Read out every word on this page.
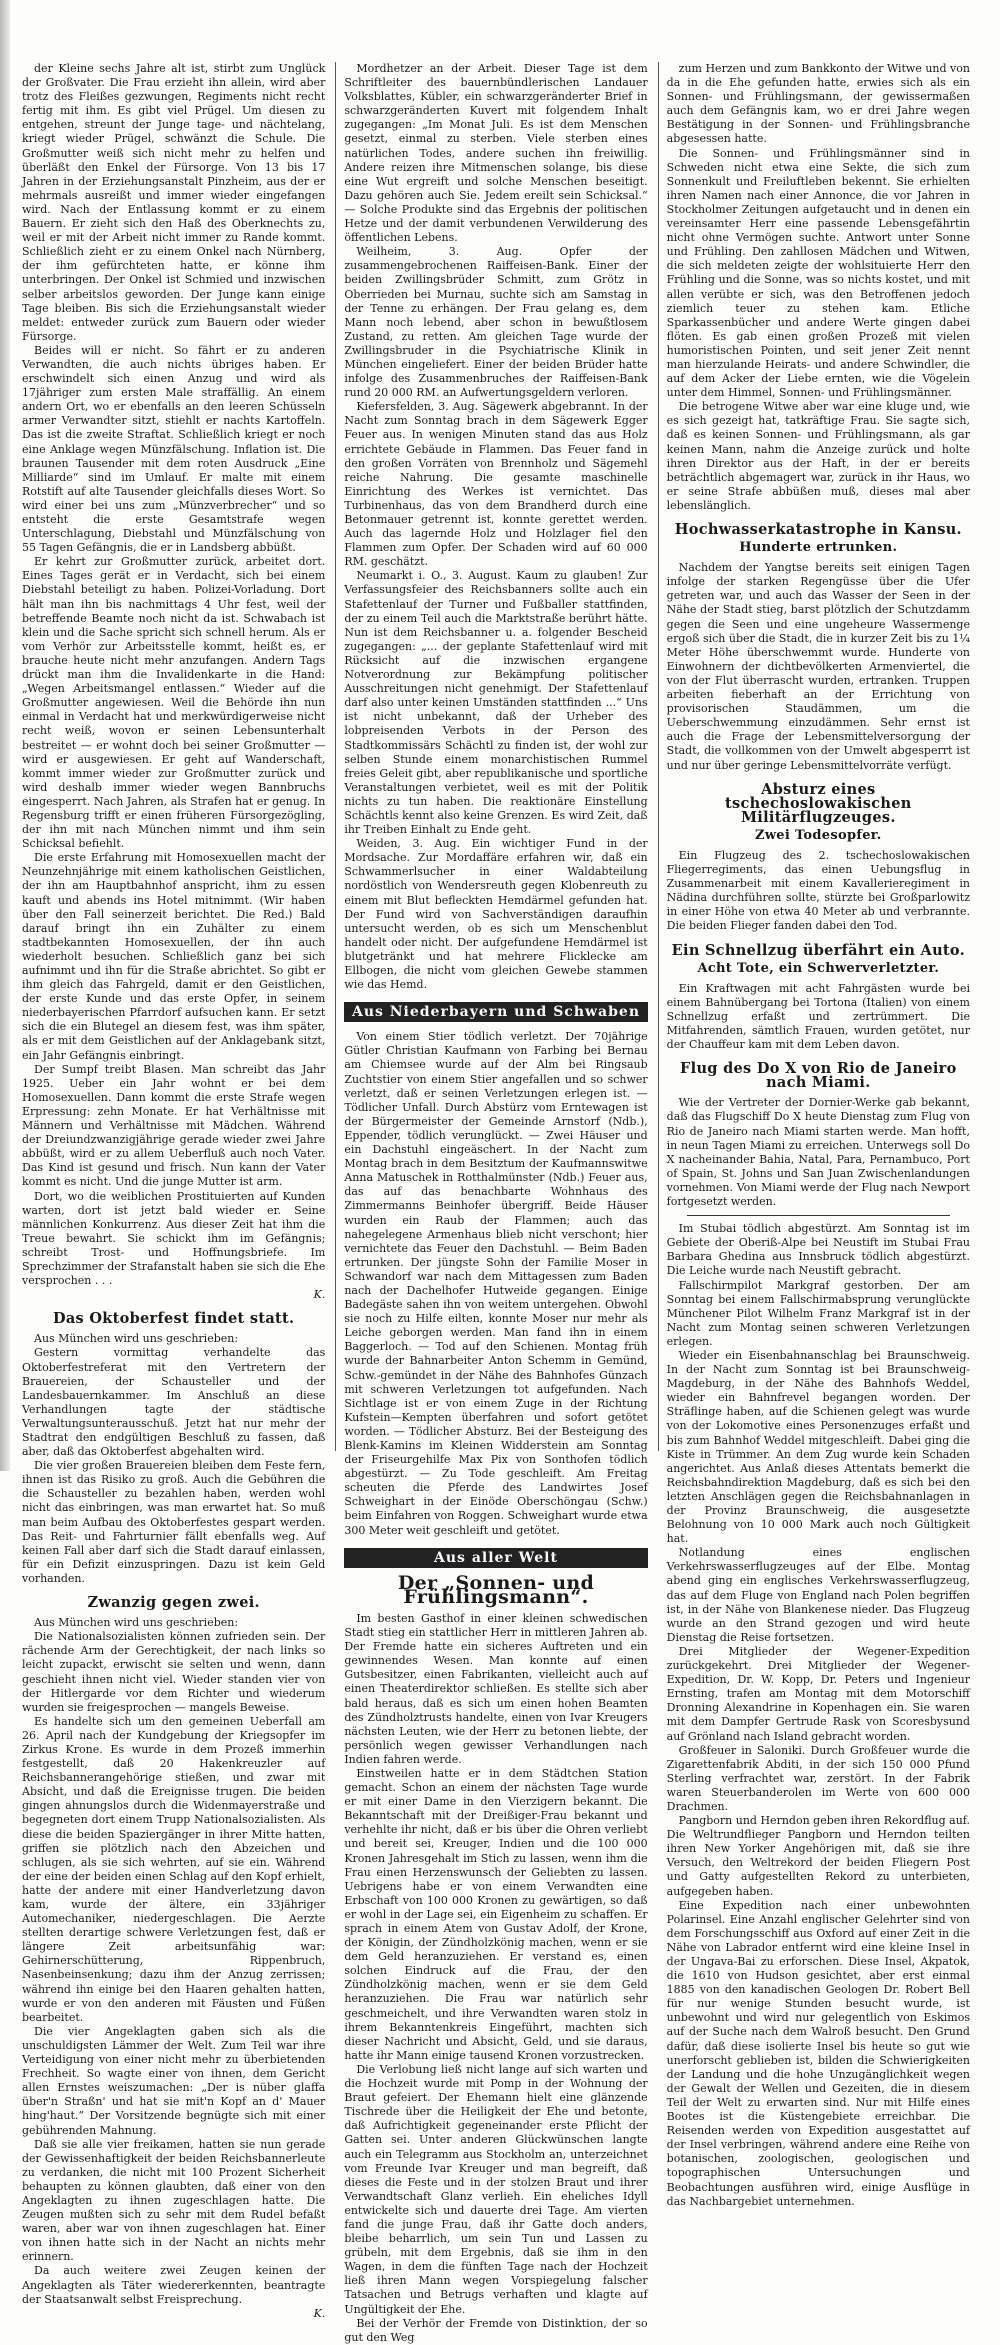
der Kleine sechs Jahre alt ist, stirbt zum Unglück der Großvater. Die Frau erzieht ihn allein, wird aber trotz des Fleißes gezwungen, Regiments nicht recht fertig mit ihm. Es gibt viel Prügel. Um diesen zu entgehen, streunt der Junge tage- und nächtelang, kriegt wieder Prügel, schwänzt die Schule. Die Großmutter weiß sich nicht mehr zu helfen und überläßt den Enkel der Fürsorge. Von 13 bis 17 Jahren in der Erziehungsanstalt Pinzheim, aus der er mehrmals ausreißt und immer wieder eingefangen wird. Nach der Entlassung kommt er zu einem Bauern. Er zieht sich den Haß des Oberknechts zu, weil er mit der Arbeit nicht immer zu Rande kommt. Schließlich zieht er zu einem Onkel nach Nürnberg, der ihm gefürchteten hatte, er könne ihm unterbringen. Der Onkel ist Schmied und inzwischen selber arbeitslos geworden. Der Junge kann einige Tage bleiben. Bis sich die Erziehungsanstalt wieder meldet: entweder zurück zum Bauern oder wieder Fürsorge.

Beides will er nicht. So fährt er zu anderen Verwandten, die auch nichts übriges haben. Er erschwindelt sich einen Anzug und wird als 17jähriger zum ersten Male straffällig. An einem andern Ort, wo er ebenfalls an den leeren Schüsseln armer Verwandter sitzt, stiehlt er nachts Kartoffeln. Das ist die zweite Straftat. Schließlich kriegt er noch eine Anklage wegen Münzfälschung. Inflation ist. Die braunen Tausender mit dem roten Ausdruck „Eine Milliarde“ sind im Umlauf. Er malte mit einem Rotstift auf alte Tausender gleichfalls dieses Wort. So wird einer bei uns zum „Münzverbrecher“ und so entsteht die erste Gesamtstrafe wegen Unterschlagung, Diebstahl und Münzfälschung von 55 Tagen Gefängnis, die er in Landsberg abbüßt.

Er kehrt zur Großmutter zurück, arbeitet dort. Eines Tages gerät er in Verdacht, sich bei einem Diebstahl beteiligt zu haben. Polizei-Vorladung. Dort hält man ihn bis nachmittags 4 Uhr fest, weil der betreffende Beamte noch nicht da ist. Schwabach ist klein und die Sache spricht sich schnell herum. Als er vom Verhör zur Arbeitsstelle kommt, heißt es, er brauche heute nicht mehr anzufangen. Andern Tags drückt man ihm die Invalidenkarte in die Hand: „Wegen Arbeitsmangel entlassen.“ Wieder auf die Großmutter angewiesen. Weil die Behörde ihn nun einmal in Verdacht hat und merkwürdigerweise nicht recht weiß, wovon er seinen Lebensunterhalt bestreitet — er wohnt doch bei seiner Großmutter — wird er ausgewiesen. Er geht auf Wanderschaft, kommt immer wieder zur Großmutter zurück und wird deshalb immer wieder wegen Bannbruchs eingesperrt. Nach Jahren, als Strafen hat er genug. In Regensburg trifft er einen früheren Fürsorgezögling, der ihn mit nach München nimmt und ihm sein Schicksal befiehlt.

Die erste Erfahrung mit Homosexuellen macht der Neunzehnjährige mit einem katholischen Geistlichen, der ihn am Hauptbahnhof anspricht, ihm zu essen kauft und abends ins Hotel mitnimmt. (Wir haben über den Fall seinerzeit berichtet. Die Red.) Bald darauf bringt ihn ein Zuhälter zu einem stadtbekannten Homosexuellen, der ihn auch wiederholt besuchen. Schließlich ganz bei sich aufnimmt und ihn für die Straße abrichtet. So gibt er ihm gleich das Fahrgeld, damit er den Geistlichen, der erste Kunde und das erste Opfer, in seinem niederbayerischen Pfarrdorf aufsuchen kann. Er setzt sich die ein Blutegel an diesem fest, was ihm später, als er mit dem Geistlichen auf der Anklagebank sitzt, ein Jahr Gefängnis einbringt.

Der Sumpf treibt Blasen. Man schreibt das Jahr 1925. Ueber ein Jahr wohnt er bei dem Homosexuellen. Dann kommt die erste Strafe wegen Erpressung: zehn Monate. Er hat Verhältnisse mit Männern und Verhältnisse mit Mädchen. Während der Dreiundzwanzigjährige gerade wieder zwei Jahre abbüßt, wird er zu allem Ueberfluß auch noch Vater. Das Kind ist gesund und frisch. Nun kann der Vater kommt es nicht. Und die junge Mutter ist arm.

Dort, wo die weiblichen Prostituierten auf Kunden warten, dort ist jetzt bald wieder er. Seine männlichen Konkurrenz. Aus dieser Zeit hat ihm die Treue bewahrt. Sie schickt ihm im Gefängnis; schreibt Trost- und Hoffnungsbriefe. Im Sprechzimmer der Strafanstalt haben sie sich die Ehe versprochen . . .

K.
Das Oktoberfest findet statt.

Aus München wird uns geschrieben:

Gestern vormittag verhandelte das Oktoberfestreferat mit den Vertretern der Brauereien, der Schausteller und der Landesbauernkammer. Im Anschluß an diese Verhandlungen tagte der städtische Verwaltungsunterausschuß. Jetzt hat nur mehr der Stadtrat den endgültigen Beschluß zu fassen, daß aber, daß das Oktoberfest abgehalten wird.

Die vier großen Brauereien bleiben dem Feste fern, ihnen ist das Risiko zu groß. Auch die Gebühren die die Schausteller zu bezahlen haben, werden wohl nicht das einbringen, was man erwartet hat. So muß man beim Aufbau des Oktoberfestes gespart werden. Das Reit- und Fahrturnier fällt ebenfalls weg. Auf keinen Fall aber darf sich die Stadt darauf einlassen, für ein Defizit einzuspringen. Dazu ist kein Geld vorhanden.

Zwanzig gegen zwei.

Aus München wird uns geschrieben:

Die Nationalsozialisten können zufrieden sein. Der rächende Arm der Gerechtigkeit, der nach links so leicht zupackt, erwischt sie selten und wenn, dann geschieht ihnen nicht viel. Wieder standen vier von der Hitlergarde vor dem Richter und wiederum wurden sie freigesprochen — mangels Beweise.

Es handelte sich um den gemeinen Ueberfall am 26. April nach der Kundgebung der Kriegsopfer im Zirkus Krone. Es wurde in dem Prozeß immerhin festgestellt, daß 20 Hakenkreuzler auf Reichsbannerangehörige stießen, und zwar mit Absicht, und daß die Ereignisse trugen. Die beiden gingen ahnungslos durch die Widenmayerstraße und begegneten dort einem Trupp Nationalsozialisten. Als diese die beiden Spaziergänger in ihrer Mitte hatten, griffen sie plötzlich nach den Abzeichen und schlugen, als sie sich wehrten, auf sie ein. Während der eine der beiden einen Schlag auf den Kopf erhielt, hatte der andere mit einer Handverletzung davon kam, wurde der ältere, ein 33jähriger Automechaniker, niedergeschlagen. Die Aerzte stellten derartige schwere Verletzungen fest, daß er längere Zeit arbeitsunfähig war: Gehirnerschütterung, Rippenbruch, Nasenbeinsenkung; dazu ihm der Anzug zerrissen; während ihn einige bei den Haaren gehalten hatten, wurde er von den anderen mit Fäusten und Füßen bearbeitet.

Die vier Angeklagten gaben sich als die unschuldigsten Lämmer der Welt. Zum Teil war ihre Verteidigung von einer nicht mehr zu überbietenden Frechheit. So wagte einer von ihnen, dem Gericht allen Ernstes weiszumachen: „Der is nüber glaffa über'n Straßn' und hat sie mit'n Kopf an d' Mauer hing'haut.“ Der Vorsitzende begnügte sich mit einer gebührenden Mahnung.

Daß sie alle vier freikamen, hatten sie nun gerade der Gewissenhaftigkeit der beiden Reichsbannerleute zu verdanken, die nicht mit 100 Prozent Sicherheit behaupten zu können glaubten, daß einer von den Angeklagten zu ihnen zugeschlagen hatte. Die Zeugen mußten sich zu sehr mit dem Rudel befaßt waren, aber war von ihnen zugeschlagen hat. Einer von ihnen hatte sich in der Nacht an nichts mehr erinnern.

Da auch weitere zwei Zeugen keinen der Angeklagten als Täter wiedererkennten, beantragte der Staatsanwalt selbst Freisprechung.

K.

Mordhetzer an der Arbeit. Dieser Tage ist dem Schriftleiter des bauernbündlerischen Landauer Volksblattes, Kübler, ein schwarzgeränderter Brief in schwarzgeränderten Kuvert mit folgendem Inhalt zugegangen: „Im Monat Juli. Es ist dem Menschen gesetzt, einmal zu sterben. Viele sterben eines natürlichen Todes, andere suchen ihn freiwillig. Andere reizen ihre Mitmenschen solange, bis diese eine Wut ergreift und solche Menschen beseitigt. Dazu gehören auch Sie. Jedem ereilt sein Schicksal.“ — Solche Produkte sind das Ergebnis der politischen Hetze und der damit verbundenen Verwilderung des öffentlichen Lebens.

Weilheim, 3. Aug. Opfer der zusammengebrochenen Raiffeisen-Bank. Einer der beiden Zwillingsbrüder Schmitt, zum Grötz in Oberrieden bei Murnau, suchte sich am Samstag in der Tenne zu erhängen. Der Frau gelang es, dem Mann noch lebend, aber schon in bewußtlosem Zustand, zu retten. Am gleichen Tage wurde der Zwillingsbruder in die Psychiatrische Klinik in München eingeliefert. Einer der beiden Brüder hatte infolge des Zusammenbruches der Raiffeisen-Bank rund 20 000 RM. an Aufwertungsgeldern verloren.

Kiefersfelden, 3. Aug. Sägewerk abgebrannt. In der Nacht zum Sonntag brach in dem Sägewerk Egger Feuer aus. In wenigen Minuten stand das aus Holz errichtete Gebäude in Flammen. Das Feuer fand in den großen Vorräten von Brennholz und Sägemehl reiche Nahrung. Die gesamte maschinelle Einrichtung des Werkes ist vernichtet. Das Turbinenhaus, das von dem Brandherd durch eine Betonmauer getrennt ist, konnte gerettet werden. Auch das lagernde Holz und Holzlager fiel den Flammen zum Opfer. Der Schaden wird auf 60 000 RM. geschätzt.

Neumarkt i. O., 3. August. Kaum zu glauben! Zur Verfassungsfeier des Reichsbanners sollte auch ein Stafettenlauf der Turner und Fußballer stattfinden, der zu einem Teil auch die Marktstraße berührt hätte. Nun ist dem Reichsbanner u. a. folgender Bescheid zugegangen: „... der geplante Stafettenlauf wird mit Rücksicht auf die inzwischen ergangene Notverordnung zur Bekämpfung politischer Ausschreitungen nicht genehmigt. Der Stafettenlauf darf also unter keinen Umständen stattfinden ...“ Uns ist nicht unbekannt, daß der Urheber des lobpreisenden Verbots in der Person des Stadtkommissärs Schächtl zu finden ist, der wohl zur selben Stunde einem monarchistischen Rummel freies Geleit gibt, aber republikanische und sportliche Veranstaltungen verbietet, weil es mit der Politik nichts zu tun haben. Die reaktionäre Einstellung Schächtls kennt also keine Grenzen. Es wird Zeit, daß ihr Treiben Einhalt zu Ende geht.

Weiden, 3. Aug. Ein wichtiger Fund in der Mordsache. Zur Mordaffäre erfahren wir, daß ein Schwammerlsucher in einer Waldabteilung nordöstlich von Wendersreuth gegen Klobenreuth zu einem mit Blut befleckten Hemdärmel gefunden hat. Der Fund wird von Sachverständigen daraufhin untersucht werden, ob es sich um Menschenblut handelt oder nicht. Der aufgefundene Hemdärmel ist blutgetränkt und hat mehrere Flicklecke am Ellbogen, die nicht vom gleichen Gewebe stammen wie das Hemd.

Aus Niederbayern und Schwaben

Von einem Stier tödlich verletzt. Der 70jährige Gütler Christian Kaufmann von Farbing bei Bernau am Chiemsee wurde auf der Alm bei Ringsaub Zuchtstier von einem Stier angefallen und so schwer verletzt, daß er seinen Verletzungen erlegen ist. — Tödlicher Unfall. Durch Abstürz vom Erntewagen ist der Bürgermeister der Gemeinde Arnstorf (Ndb.), Eppender, tödlich verunglückt. — Zwei Häuser und ein Dachstuhl eingeäschert. In der Nacht zum Montag brach in dem Besitztum der Kaufmannswitwe Anna Matuschek in Rotthalmünster (Ndb.) Feuer aus, das auf das benachbarte Wohnhaus des Zimmermanns Beinhofer übergriff. Beide Häuser wurden ein Raub der Flammen; auch das nahegelegene Armenhaus blieb nicht verschont; hier vernichtete das Feuer den Dachstuhl. — Beim Baden ertrunken. Der jüngste Sohn der Familie Moser in Schwandorf war nach dem Mittagessen zum Baden nach der Dachelhofer Hutweide gegangen. Einige Badegäste sahen ihn von weitem untergehen. Obwohl sie noch zu Hilfe eilten, konnte Moser nur mehr als Leiche geborgen werden. Man fand ihn in einem Baggerloch. — Tod auf den Schienen. Montag früh wurde der Bahnarbeiter Anton Schemm in Gemünd, Schw.-gemündet in der Nähe des Bahnhofes Günzach mit schweren Verletzungen tot aufgefunden. Nach Sichtlage ist er von einem Zuge in der Richtung Kufstein—Kempten überfahren und sofort getötet worden. — Tödlicher Absturz. Bei der Besteigung des Blenk-Kamins im Kleinen Widderstein am Sonntag der Friseurgehilfe Max Pix von Sonthofen tödlich abgestürzt. — Zu Tode geschleift. Am Freitag scheuten die Pferde des Landwirtes Josef Schweighart in der Einöde Oberschöngau (Schw.) beim Einfahren von Roggen. Schweighart wurde etwa 300 Meter weit geschleift und getötet.

Aus aller Welt
Der „Sonnen- und Frühlingsmann“.

Im besten Gasthof in einer kleinen schwedischen Stadt stieg ein stattlicher Herr in mittleren Jahren ab. Der Fremde hatte ein sicheres Auftreten und ein gewinnendes Wesen. Man konnte auf einen Gutsbesitzer, einen Fabrikanten, vielleicht auch auf einen Theaterdirektor schließen. Es stellte sich aber bald heraus, daß es sich um einen hohen Beamten des Zündholztrusts handelte, einen von Ivar Kreugers nächsten Leuten, wie der Herr zu betonen liebte, der persönlich wegen gewisser Verhandlungen nach Indien fahren werde.

Einstweilen hatte er in dem Städtchen Station gemacht. Schon an einem der nächsten Tage wurde er mit einer Dame in den Vierzigern bekannt. Die Bekanntschaft mit der Dreißiger-Frau bekannt und verhehlte ihr nicht, daß er bis über die Ohren verliebt und bereit sei, Kreuger, Indien und die 100 000 Kronen Jahresgehalt im Stich zu lassen, wenn ihm die Frau einen Herzenswunsch der Geliebten zu lassen. Uebrigens habe er von einem Verwandten eine Erbschaft von 100 000 Kronen zu gewärtigen, so daß er wohl in der Lage sei, ein Eigenheim zu schaffen. Er sprach in einem Atem von Gustav Adolf, der Krone, der Königin, der Zündholzkönig machen, wenn er sie dem Geld heranzuziehen. Er verstand es, einen solchen Eindruck auf die Frau, der den Zündholzkönig machen, wenn er sie dem Geld heranzuziehen. Die Frau war natürlich sehr geschmeichelt, und ihre Verwandten waren stolz in ihrem Bekanntenkreis Eingeführt, machten sich dieser Nachricht und Absicht, Geld, und sie daraus, hatte ihr Mann einige tausend Kronen vorzustrecken.

Die Verlobung ließ nicht lange auf sich warten und die Hochzeit wurde mit Pomp in der Wohnung der Braut gefeiert. Der Ehemann hielt eine glänzende Tischrede über die Heiligkeit der Ehe und betonte, daß Aufrichtigkeit gegeneinander erste Pflicht der Gatten sei. Unter anderen Glückwünschen langte auch ein Telegramm aus Stockholm an, unterzeichnet vom Freunde Ivar Kreuger und man begreift, daß dieses die Feste und in der stolzen Braut und ihrer Verwandtschaft Glanz verlieh. Ein eheliches Idyll entwickelte sich und dauerte drei Tage. Am vierten fand die junge Frau, daß ihr Gatte doch anders, bleibe beharrlich, um sein Tun und Lassen zu grübeln, mit dem Ergebnis, daß sie ihm in den Wagen, in dem die fünften Tage nach der Hochzeit ließ ihren Mann wegen Vorspiegelung falscher Tatsachen und Betrugs verhaften und klagte auf Ungültigkeit der Ehe.

Bei der Verhör der Fremde von Distinktion, der so gut den Weg

zum Herzen und zum Bankkonto der Witwe und von da in die Ehe gefunden hatte, erwies sich als ein Sonnen- und Frühlingsmann, der gewissermaßen auch dem Gefängnis kam, wo er drei Jahre wegen Bestätigung in der Sonnen- und Frühlingsbranche abgesessen hatte.

Die Sonnen- und Frühlingsmänner sind in Schweden nicht etwa eine Sekte, die sich zum Sonnenkult und Freiluftleben bekennt. Sie erhielten ihren Namen nach einer Annonce, die vor Jahren in Stockholmer Zeitungen aufgetaucht und in denen ein vereinsamter Herr eine passende Lebensgefährtin nicht ohne Vermögen suchte. Antwort unter Sonne und Frühling. Den zahllosen Mädchen und Witwen, die sich meldeten zeigte der wohlsituierte Herr den Frühling und die Sonne, was so nichts kostet, und mit allen verübte er sich, was den Betroffenen jedoch ziemlich teuer zu stehen kam. Etliche Sparkassenbücher und andere Werte gingen dabei flöten. Es gab einen großen Prozeß mit vielen humoristischen Pointen, und seit jener Zeit nennt man hierzulande Heirats- und andere Schwindler, die auf dem Acker der Liebe ernten, wie die Vögelein unter dem Himmel, Sonnen- und Frühlingsmänner.

Die betrogene Witwe aber war eine kluge und, wie es sich gezeigt hat, tatkräftige Frau. Sie sagte sich, daß es keinen Sonnen- und Frühlingsmann, als gar keinen Mann, nahm die Anzeige zurück und holte ihren Direktor aus der Haft, in der er bereits beträchtlich abgemagert war, zurück in ihr Haus, wo er seine Strafe abbüßen muß, dieses mal aber lebenslänglich.

Hochwasserkatastrophe in Kansu.
Hunderte ertrunken.

Nachdem der Yangtse bereits seit einigen Tagen infolge der starken Regengüsse über die Ufer getreten war, und auch das Wasser der Seen in der Nähe der Stadt stieg, barst plötzlich der Schutzdamm gegen die Seen und eine ungeheure Wassermenge ergoß sich über die Stadt, die in kurzer Zeit bis zu 1¼ Meter Höhe überschwemmt wurde. Hunderte von Einwohnern der dichtbevölkerten Armenviertel, die von der Flut überrascht wurden, ertranken. Truppen arbeiten fieberhaft an der Errichtung von provisorischen Staudämmen, um die Ueberschwemmung einzudämmen. Sehr ernst ist auch die Frage der Lebensmittelversorgung der Stadt, die vollkommen von der Umwelt abgesperrt ist und nur über geringe Lebensmittelvorräte verfügt.

Absturz eines tschechoslowakischen Militärflugzeuges.
Zwei Todesopfer.

Ein Flugzeug des 2. tschechoslowakischen Fliegerregiments, das einen Uebungsflug in Zusammenarbeit mit einem Kavallerieregiment in Nädina durchführen sollte, stürzte bei Großparlowitz in einer Höhe von etwa 40 Meter ab und verbrannte. Die beiden Flieger fanden dabei den Tod.

Ein Schnellzug überfährt ein Auto.
Acht Tote, ein Schwerverletzter.

Ein Kraftwagen mit acht Fahrgästen wurde bei einem Bahnübergang bei Tortona (Italien) von einem Schnellzug erfaßt und zertrümmert. Die Mitfahrenden, sämtlich Frauen, wurden getötet, nur der Chauffeur kam mit dem Leben davon.

Flug des Do X von Rio de Janeiro nach Miami.

Wie der Vertreter der Dornier-Werke gab bekannt, daß das Flugschiff Do X heute Dienstag zum Flug von Rio de Janeiro nach Miami starten werde. Man hofft, in neun Tagen Miami zu erreichen. Unterwegs soll Do X nacheinander Bahia, Natal, Para, Pernambuco, Port of Spain, St. Johns und San Juan Zwischenlandungen vornehmen. Von Miami werde der Flug nach Newport fortgesetzt werden.

Im Stubai tödlich abgestürzt. Am Sonntag ist im Gebiete der Oberiß-Alpe bei Neustift im Stubai Frau Barbara Ghedina aus Innsbruck tödlich abgestürzt. Die Leiche wurde nach Neustift gebracht.

Fallschirmpilot Markgraf gestorben. Der am Sonntag bei einem Fallschirmabsprung verunglückte Münchener Pilot Wilhelm Franz Markgraf ist in der Nacht zum Montag seinen schweren Verletzungen erlegen.

Wieder ein Eisenbahnanschlag bei Braunschweig. In der Nacht zum Sonntag ist bei Braunschweig-Magdeburg, in der Nähe des Bahnhofs Weddel, wieder ein Bahnfrevel begangen worden. Der Sträflinge haben, auf die Schienen gelegt was wurde von der Lokomotive eines Personenzuges erfaßt und bis zum Bahnhof Weddel mitgeschleift. Dabei ging die Kiste in Trümmer. An dem Zug wurde kein Schaden angerichtet. Aus Anlaß dieses Attentats bemerkt die Reichsbahndirektion Magdeburg, daß es sich bei den letzten Anschlägen gegen die Reichsbahnanlagen in der Provinz Braunschweig, die ausgesetzte Belohnung von 10 000 Mark auch noch Gültigkeit hat.

Notlandung eines englischen Verkehrswasserflugzeuges auf der Elbe. Montag abend ging ein englisches Verkehrswasserflugzeug, das auf dem Fluge von England nach Polen begriffen ist, in der Nähe von Blankenese nieder. Das Flugzeug wurde an den Strand gezogen und wird heute Dienstag die Reise fortsetzen.

Drei Mitglieder der Wegener-Expedition zurückgekehrt. Drei Mitglieder der Wegener-Expedition, Dr. W. Kopp, Dr. Peters und Ingenieur Ernsting, trafen am Montag mit dem Motorschiff Dronning Alexandrine in Kopenhagen ein. Sie waren mit dem Dampfer Gertrude Rask von Scoresbysund auf Grönland nach Island gebracht worden.

Großfeuer in Saloniki. Durch Großfeuer wurde die Zigarettenfabrik Abditi, in der sich 150 000 Pfund Sterling verfrachtet war, zerstört. In der Fabrik waren Steuerbanderolen im Werte von 600 000 Drachmen.

Pangborn und Herndon geben ihren Rekordflug auf. Die Weltrundflieger Pangborn und Herndon teilten ihren New Yorker Angehörigen mit, daß sie ihre Versuch, den Weltrekord der beiden Fliegern Post und Gatty aufgestellten Rekord zu unterbieten, aufgegeben haben.

Eine Expedition nach einer unbewohnten Polarinsel. Eine Anzahl englischer Gelehrter sind von dem Forschungsschiff aus Oxford auf einer Zeit in die Nähe von Labrador entfernt wird eine kleine Insel in der Ungava-Bai zu erforschen. Diese Insel, Akpatok, die 1610 von Hudson gesichtet, aber erst einmal 1885 von den kanadischen Geologen Dr. Robert Bell für nur wenige Stunden besucht wurde, ist unbewohnt und wird nur gelegentlich von Eskimos auf der Suche nach dem Walroß besucht. Den Grund dafür, daß diese isolierte Insel bis heute so gut wie unerforscht geblieben ist, bilden die Schwierigkeiten der Landung und die hohe Unzugänglichkeit wegen der Gewalt der Wellen und Gezeiten, die in diesem Teil der Welt zu erwarten sind. Nur mit Hilfe eines Bootes ist die Küstengebiete erreichbar. Die Reisenden werden von Expedition ausgestattet auf der Insel verbringen, während andere eine Reihe von botanischen, zoologischen, geologischen und topographischen Untersuchungen und Beobachtungen ausführen wird, einige Ausflüge in das Nachbargebiet unternehmen.
